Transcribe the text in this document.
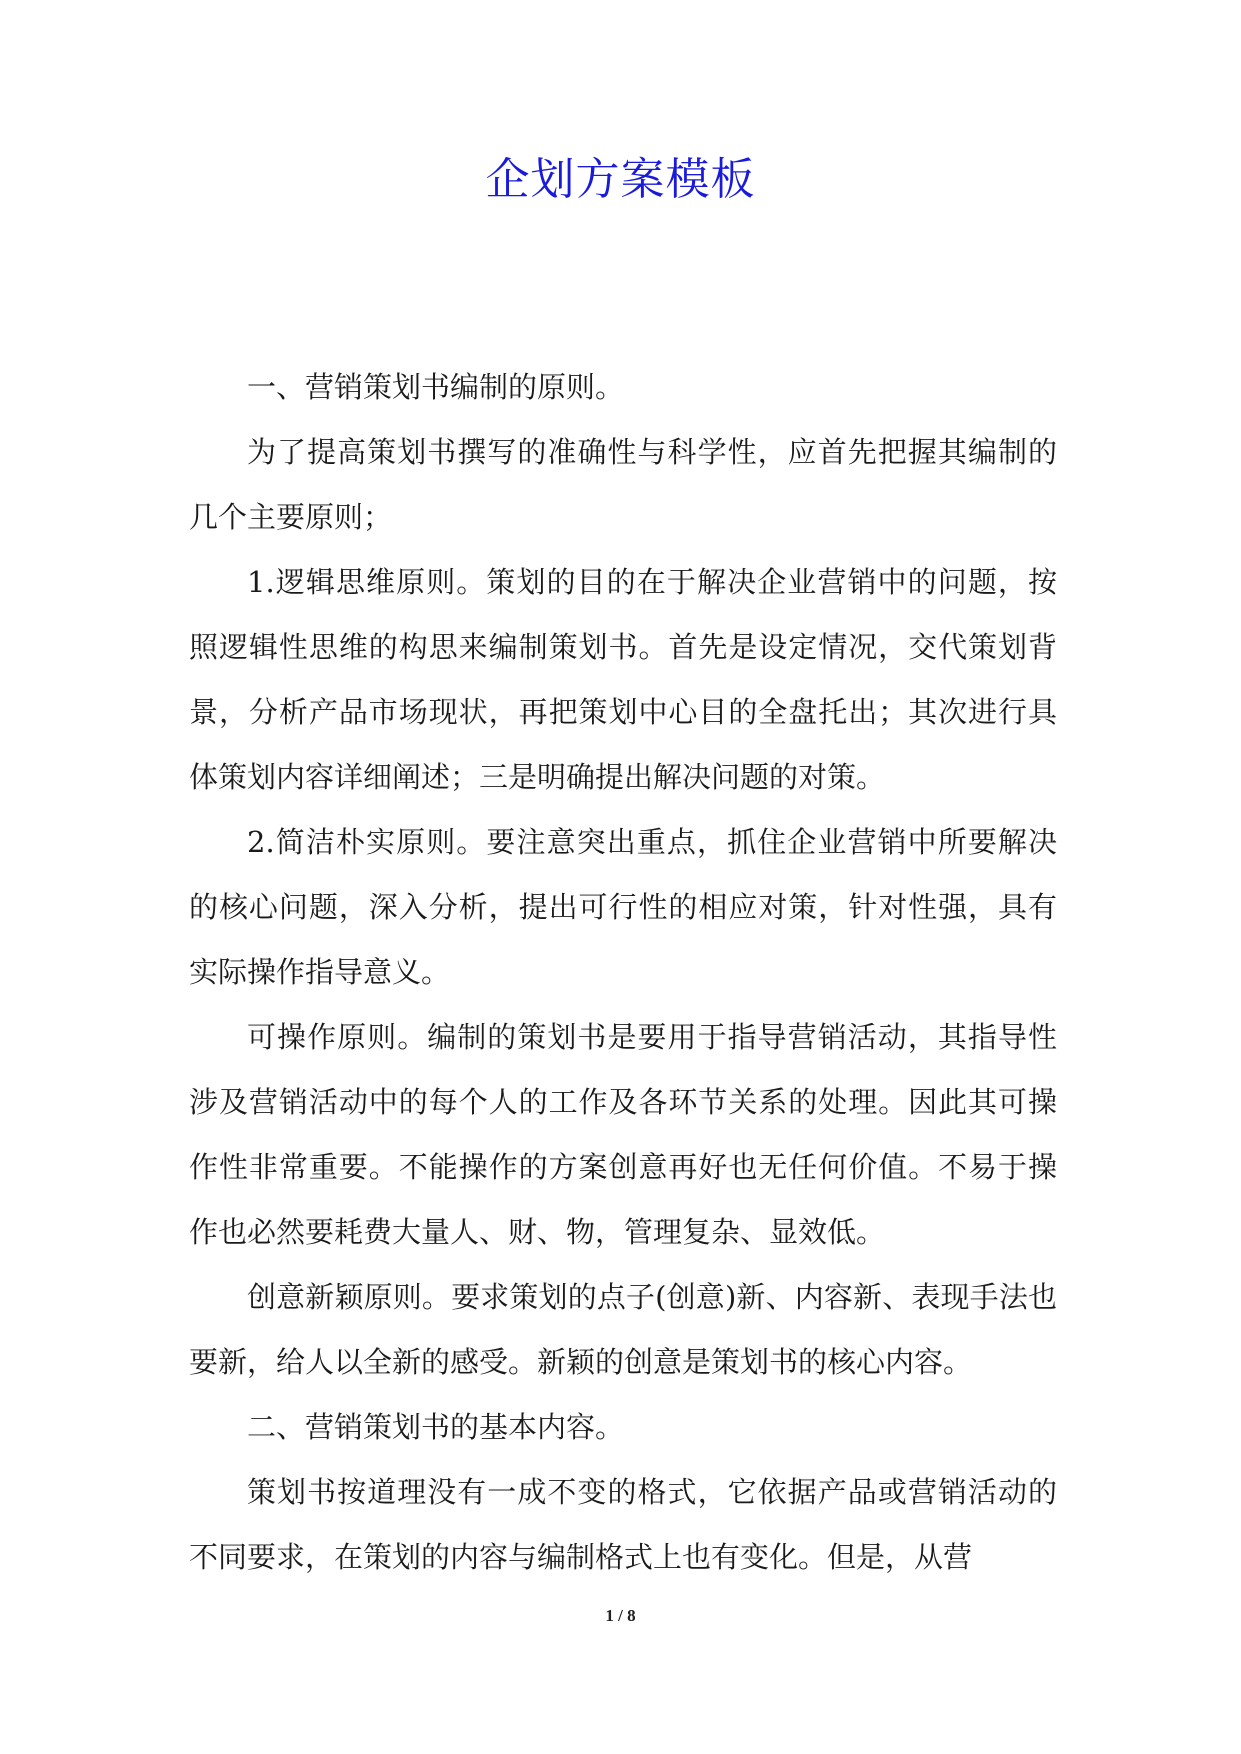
企划方案模板

一、营销策划书编制的原则。

为了提高策划书撰写的准确性与科学性，应首先把握其编制的几个主要原则；

1.逻辑思维原则。策划的目的在于解决企业营销中的问题，按照逻辑性思维的构思来编制策划书。首先是设定情况，交代策划背景，分析产品市场现状，再把策划中心目的全盘托出；其次进行具体策划内容详细阐述；三是明确提出解决问题的对策。

2.简洁朴实原则。要注意突出重点，抓住企业营销中所要解决的核心问题，深入分析，提出可行性的相应对策，针对性强，具有实际操作指导意义。

可操作原则。编制的策划书是要用于指导营销活动，其指导性涉及营销活动中的每个人的工作及各环节关系的处理。因此其可操作性非常重要。不能操作的方案创意再好也无任何价值。不易于操作也必然要耗费大量人、财、物，管理复杂、显效低。

创意新颖原则。要求策划的点子(创意)新、内容新、表现手法也要新，给人以全新的感受。新颖的创意是策划书的核心内容。

二、营销策划书的基本内容。

策划书按道理没有一成不变的格式，它依据产品或营销活动的不同要求，在策划的内容与编制格式上也有变化。但是，从营

1 / 8
